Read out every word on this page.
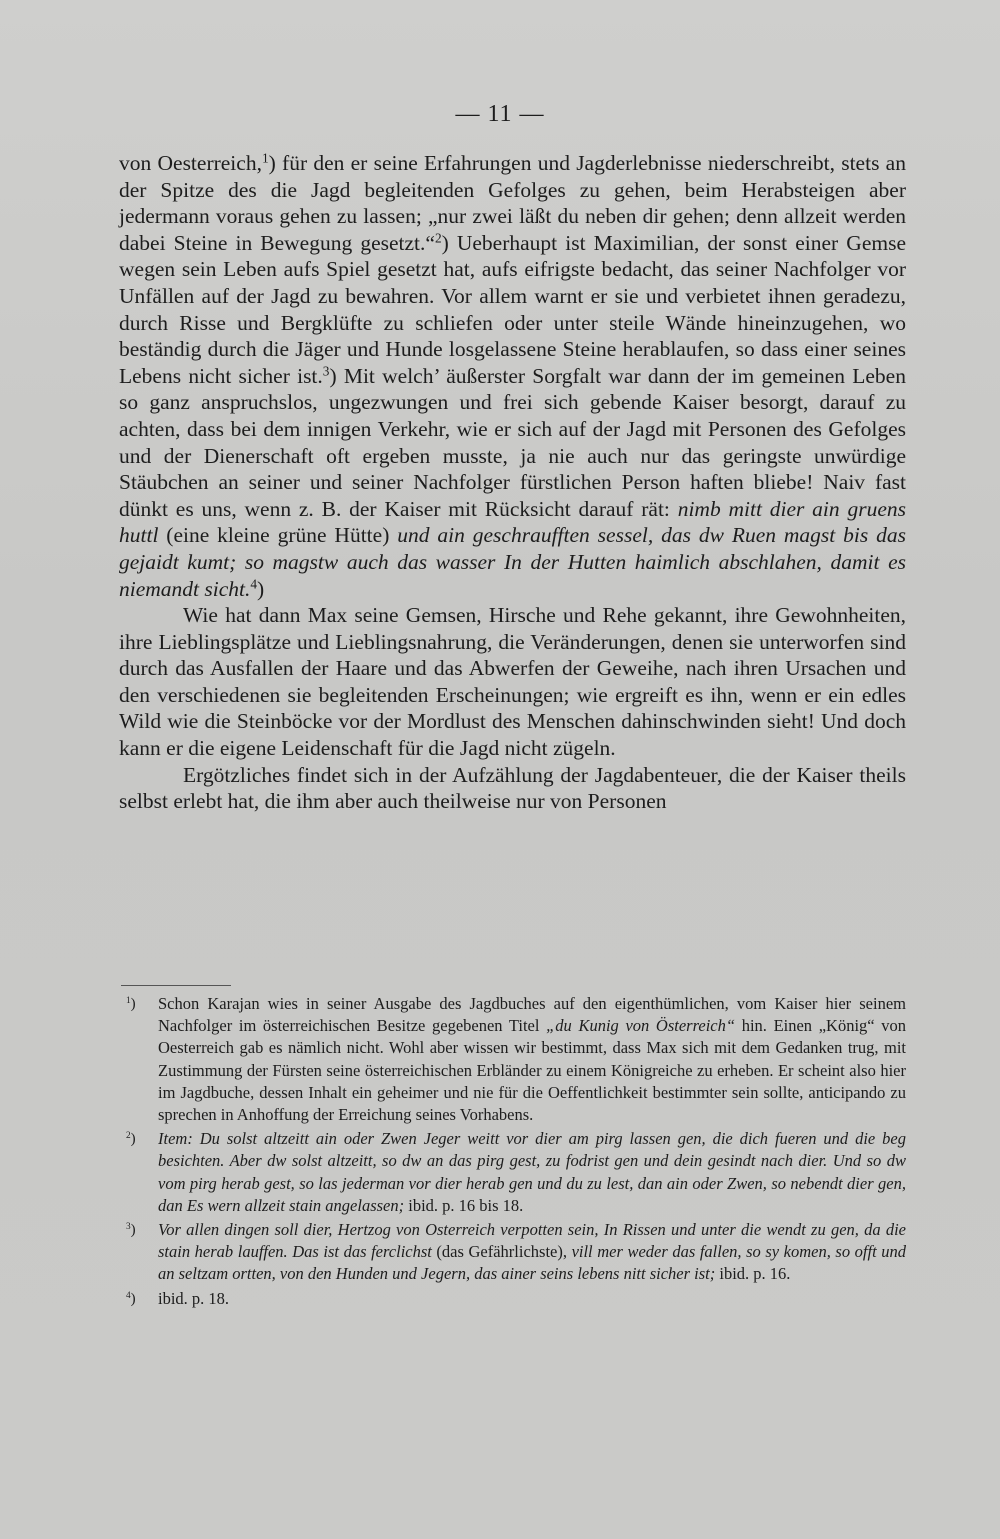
— 11 —

von Oesterreich,$^1$) für den er seine Erfahrungen und Jagderlebnisse niederschreibt, stets an der Spitze des die Jagd begleitenden Gefolges zu gehen, beim Herabsteigen aber jedermann voraus gehen zu lassen; „nur zwei läßt du neben dir gehen; denn allzeit werden dabei Steine in Bewegung gesetzt.“$^2$) Ueberhaupt ist Maximilian, der sonst einer Gemse wegen sein Leben aufs Spiel gesetzt hat, aufs eifrigste bedacht, das seiner Nachfolger vor Unfällen auf der Jagd zu bewahren. Vor allem warnt er sie und verbietet ihnen geradezu, durch Risse und Bergklüfte zu schliefen oder unter steile Wände hineinzugehen, wo beständig durch die Jäger und Hunde losgelassene Steine herablaufen, so dass einer seines Lebens nicht sicher ist.$^3$) Mit welch’ äußerster Sorgfalt war dann der im gemeinen Leben so ganz anspruchslos, ungezwungen und frei sich gebende Kaiser besorgt, darauf zu achten, dass bei dem innigen Verkehr, wie er sich auf der Jagd mit Personen des Gefolges und der Dienerschaft oft ergeben musste, ja nie auch nur das geringste unwürdige Stäubchen an seiner und seiner Nachfolger fürstlichen Person haften bliebe! Naiv fast dünkt es uns, wenn z. B. der Kaiser mit Rücksicht darauf rät: nimb mitt dier ain gruens huttl (eine kleine grüne Hütte) und ain geschraufften sessel, das dw Ruen magst bis das gejaidt kumt; so magstw auch das wasser In der Hutten haimlich abschlahen, damit es niemandt sicht.$^4$)

Wie hat dann Max seine Gemsen, Hirsche und Rehe gekannt, ihre Gewohnheiten, ihre Lieblingsplätze und Lieblingsnahrung, die Veränderungen, denen sie unterworfen sind durch das Ausfallen der Haare und das Abwerfen der Geweihe, nach ihren Ursachen und den verschiedenen sie begleitenden Erscheinungen; wie ergreift es ihn, wenn er ein edles Wild wie die Steinböcke vor der Mordlust des Menschen dahinschwinden sieht! Und doch kann er die eigene Leidenschaft für die Jagd nicht zügeln.

Ergötzliches findet sich in der Aufzählung der Jagdabenteuer, die der Kaiser theils selbst erlebt hat, die ihm aber auch theilweise nur von Personen

$^1$) Schon Karajan wies in seiner Ausgabe des Jagdbuches auf den eigenthümlichen, vom Kaiser hier seinem Nachfolger im österreichischen Besitze gegebenen Titel „du Kunig von Österreich“ hin. Einen „König“ von Oesterreich gab es nämlich nicht. Wohl aber wissen wir bestimmt, dass Max sich mit dem Gedanken trug, mit Zustimmung der Fürsten seine österreichischen Erbländer zu einem Königreiche zu erheben. Er scheint also hier im Jagdbuche, dessen Inhalt ein geheimer und nie für die Oeffentlichkeit bestimmter sein sollte, anticipando zu sprechen in Anhoffung der Erreichung seines Vorhabens.

$^2$) Item: Du solst altzeitt ain oder Zwen Jeger weitt vor dier am pirg lassen gen, die dich fueren und die beg besichten. Aber dw solst altzeitt, so dw an das pirg gest, zu fodrist gen und dein gesindt nach dier. Und so dw vom pirg herab gest, so las jederman vor dier herab gen und du zu lest, dan ain oder Zwen, so nebendt dier gen, dan Es wern allzeit stain angelassen; ibid. p. 16 bis 18.

$^3$) Vor allen dingen soll dier, Hertzog von Osterreich verpotten sein, In Rissen und unter die wendt zu gen, da die stain herab lauffen. Das ist das ferclichst (das Gefährlichste), vill mer weder das fallen, so sy komen, so offt und an seltzam ortten, von den Hunden und Jegern, das ainer seins lebens nitt sicher ist; ibid. p. 16.

$^4$) ibid. p. 18.
